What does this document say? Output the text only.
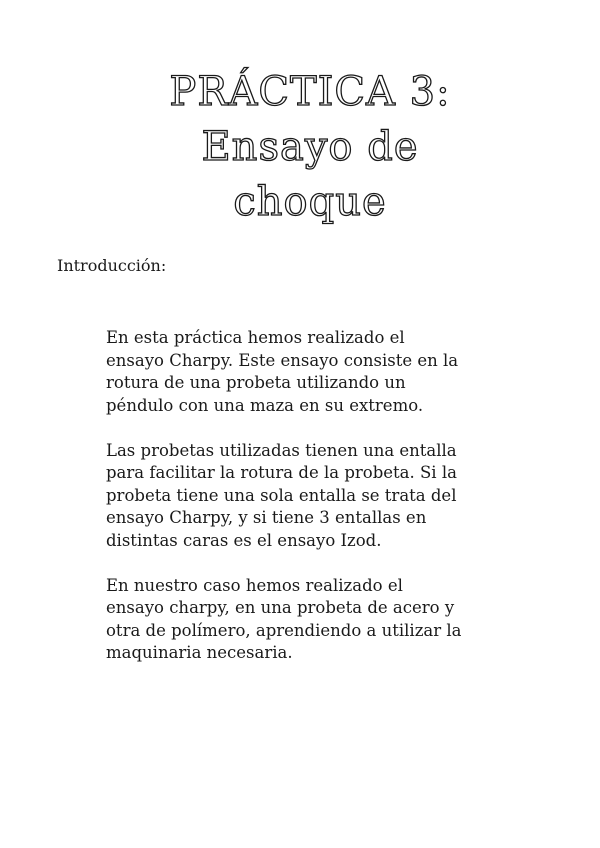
PRÁCTICA 3:
Ensayo de
choque
Introducción:

En esta práctica hemos realizado el
ensayo Charpy. Este ensayo consiste en la
rotura de una probeta utilizando un
péndulo con una maza en su extremo.

Las probetas utilizadas tienen una entalla
para facilitar la rotura de la probeta. Si la
probeta tiene una sola entalla se trata del
ensayo Charpy, y si tiene 3 entallas en
distintas caras es el ensayo Izod.

En nuestro caso hemos realizado el
ensayo charpy, en una probeta de acero y
otra de polímero, aprendiendo a utilizar la
maquinaria necesaria.
